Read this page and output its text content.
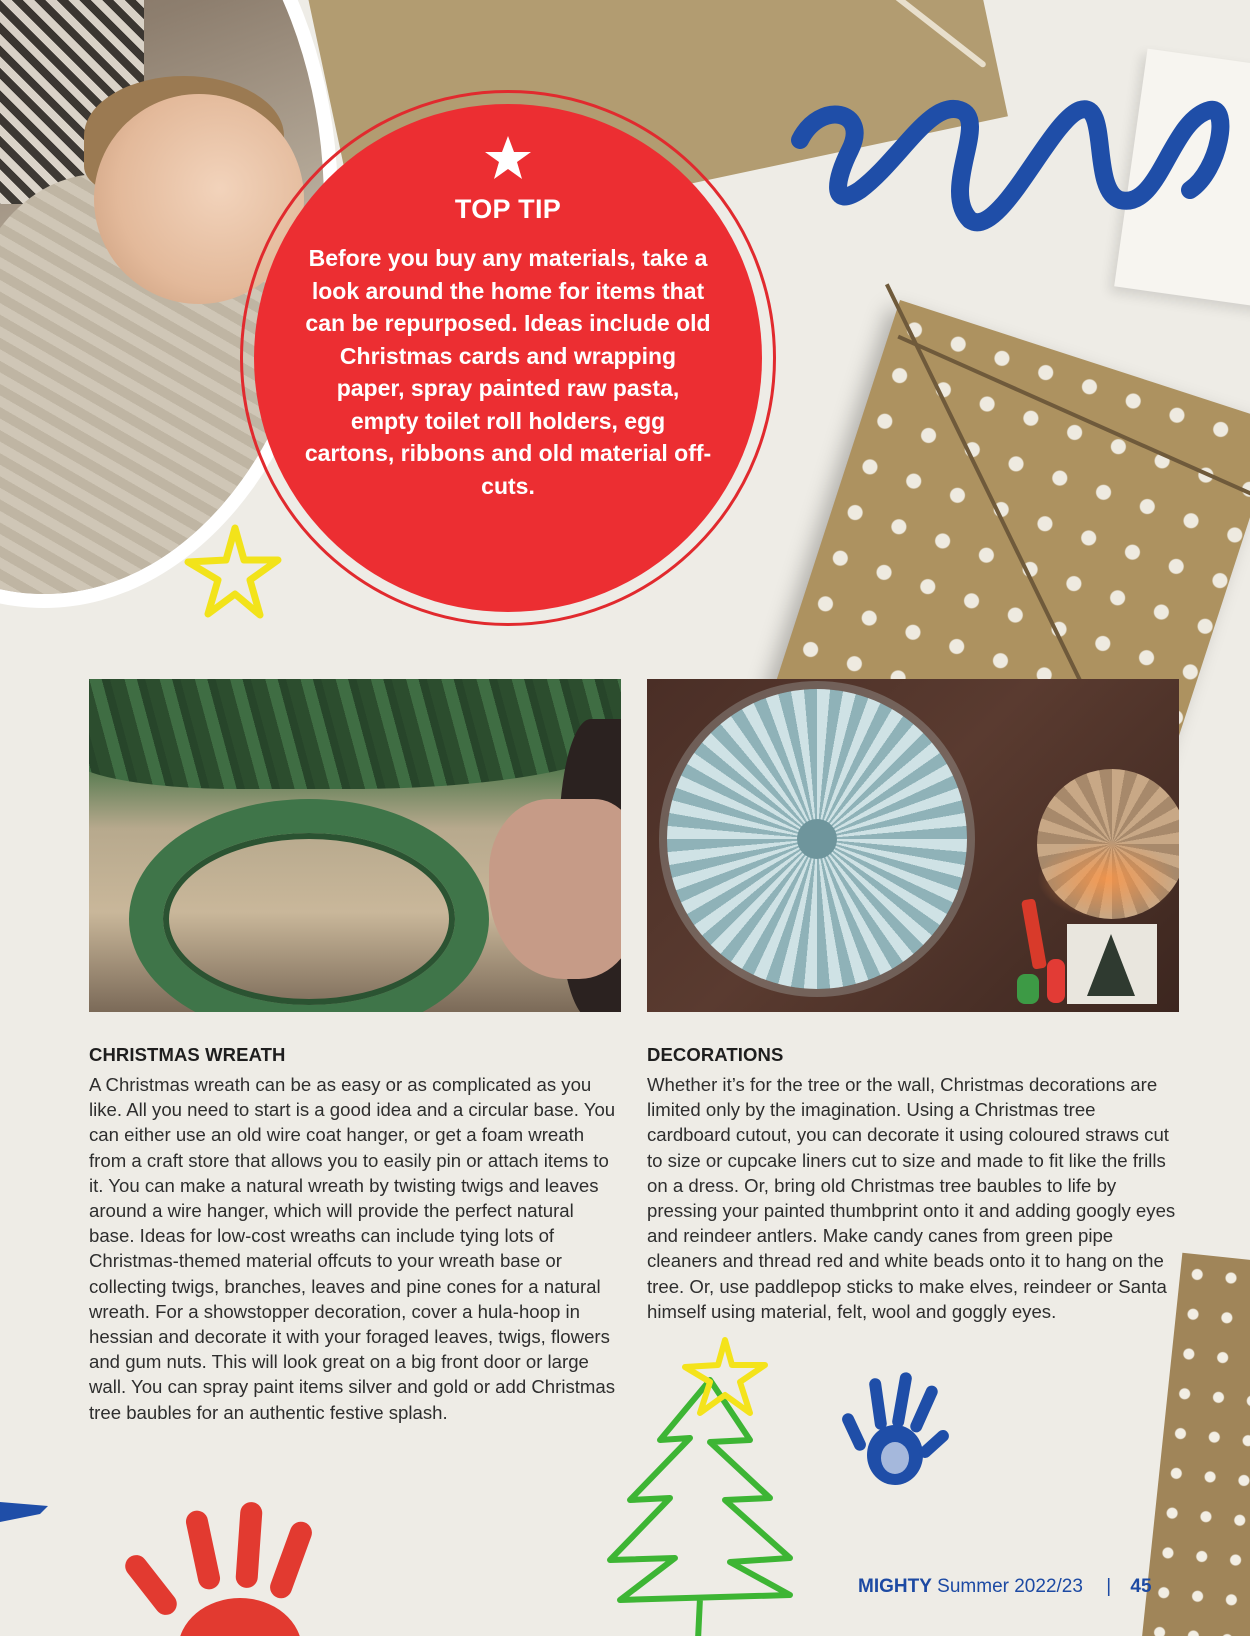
TOP TIP
Before you buy any materials, take a look around the home for items that can be repurposed. Ideas include old Christmas cards and wrapping paper, spray painted raw pasta, empty toilet roll holders, egg cartons, ribbons and old material off-cuts.
CHRISTMAS WREATH

A Christmas wreath can be as easy or as complicated as you like. All you need to start is a good idea and a circular base. You can either use an old wire coat hanger, or get a foam wreath from a craft store that allows you to easily pin or attach items to it. You can make a natural wreath by twisting twigs and leaves around a wire hanger, which will provide the perfect natural base. Ideas for low-cost wreaths can include tying lots of Christmas-themed material offcuts to your wreath base or collecting twigs, branches, leaves and pine cones for a natural wreath. For a showstopper decoration, cover a hula-hoop in hessian and decorate it with your foraged leaves, twigs, flowers and gum nuts. This will look great on a big front door or large wall. You can spray paint items silver and gold or add Christmas tree baubles for an authentic festive splash.

DECORATIONS

Whether it’s for the tree or the wall, Christmas decorations are limited only by the imagination. Using a Christmas tree cardboard cutout, you can decorate it using coloured straws cut to size or cupcake liners cut to size and made to fit like the frills on a dress. Or, bring old Christmas tree baubles to life by pressing your painted thumbprint onto it and adding googly eyes and reindeer antlers. Make candy canes from green pipe cleaners and thread red and white beads onto it to hang on the tree. Or, use paddlepop sticks to make elves, reindeer or Santa himself using material, felt, wool and goggly eyes.

MIGHTY Summer 2022/23 | 45
